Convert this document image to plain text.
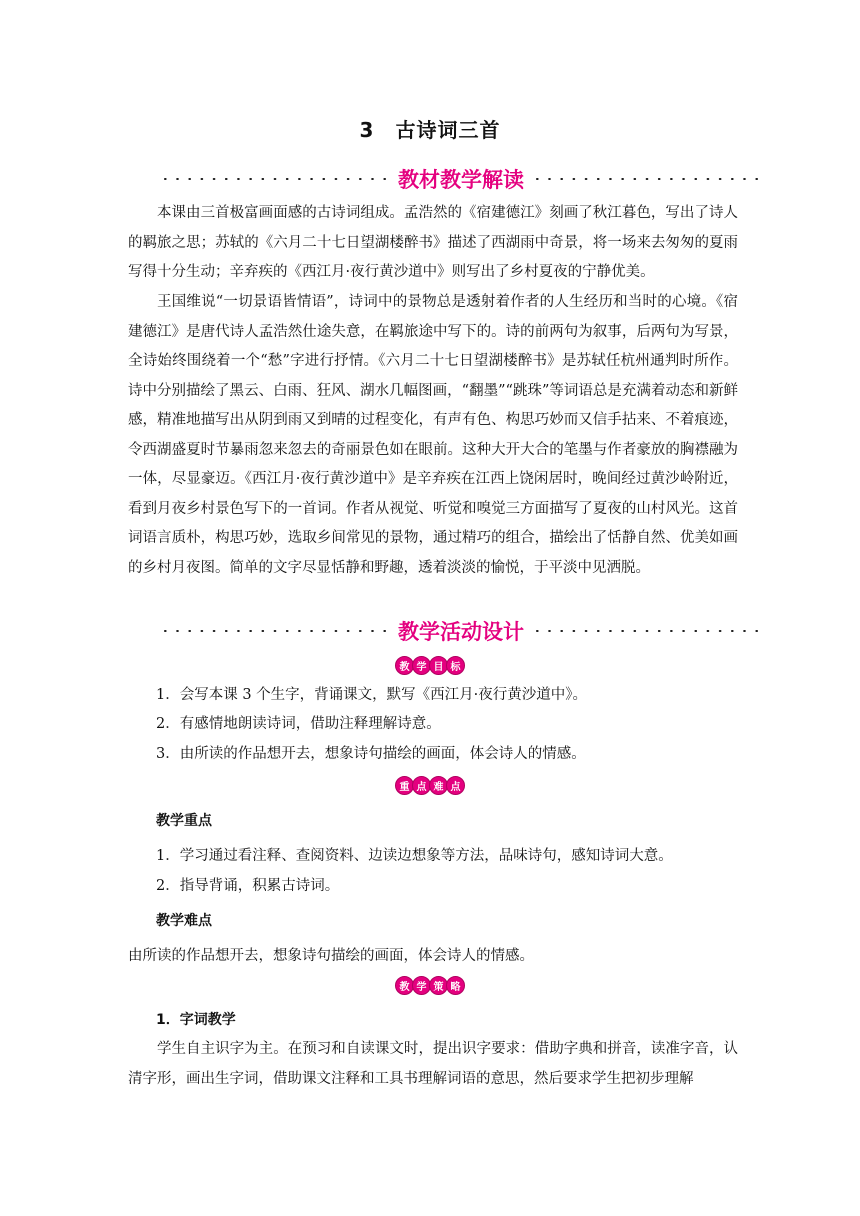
3　古诗词三首
教材教学解读
本课由三首极富画面感的古诗词组成。孟浩然的《宿建德江》刻画了秋江暮色，写出了诗人的羁旅之思；苏轼的《六月二十七日望湖楼醉书》描述了西湖雨中奇景，将一场来去匆匆的夏雨写得十分生动；辛弃疾的《西江月·夜行黄沙道中》则写出了乡村夏夜的宁静优美。
王国维说“一切景语皆情语”，诗词中的景物总是透射着作者的人生经历和当时的心境。《宿建德江》是唐代诗人孟浩然仕途失意，在羁旅途中写下的。诗的前两句为叙事，后两句为写景，全诗始终围绕着一个“愁”字进行抒情。《六月二十七日望湖楼醉书》是苏轼任杭州通判时所作。诗中分别描绘了黑云、白雨、狂风、湖水几幅图画，“翻墨”“跳珠”等词语总是充满着动态和新鲜感，精准地描写出从阴到雨又到晴的过程变化，有声有色、构思巧妙而又信手拈来、不着痕迹，令西湖盛夏时节暴雨忽来忽去的奇丽景色如在眼前。这种大开大合的笔墨与作者豪放的胸襟融为一体，尽显豪迈。《西江月·夜行黄沙道中》是辛弃疾在江西上饶闲居时，晚间经过黄沙岭附近，看到月夜乡村景色写下的一首词。作者从视觉、听觉和嗅觉三方面描写了夏夜的山村风光。这首词语言质朴，构思巧妙，选取乡间常见的景物，通过精巧的组合，描绘出了恬静自然、优美如画的乡村月夜图。简单的文字尽显恬静和野趣，透着淡淡的愉悦，于平淡中见洒脱。
教学活动设计
教 学 目 标
1．会写本课 3 个生字，背诵课文，默写《西江月·夜行黄沙道中》。
2．有感情地朗读诗词，借助注释理解诗意。
3．由所读的作品想开去，想象诗句描绘的画面，体会诗人的情感。
重 点 难 点
教学重点
1．学习通过看注释、查阅资料、边读边想象等方法，品味诗句，感知诗词大意。
2．指导背诵，积累古诗词。
教学难点
由所读的作品想开去，想象诗句描绘的画面，体会诗人的情感。
教 学 策 略
1．字词教学
学生自主识字为主。在预习和自读课文时，提出识字要求：借助字典和拼音，读准字音，认清字形，画出生字词，借助课文注释和工具书理解词语的意思，然后要求学生把初步理解
